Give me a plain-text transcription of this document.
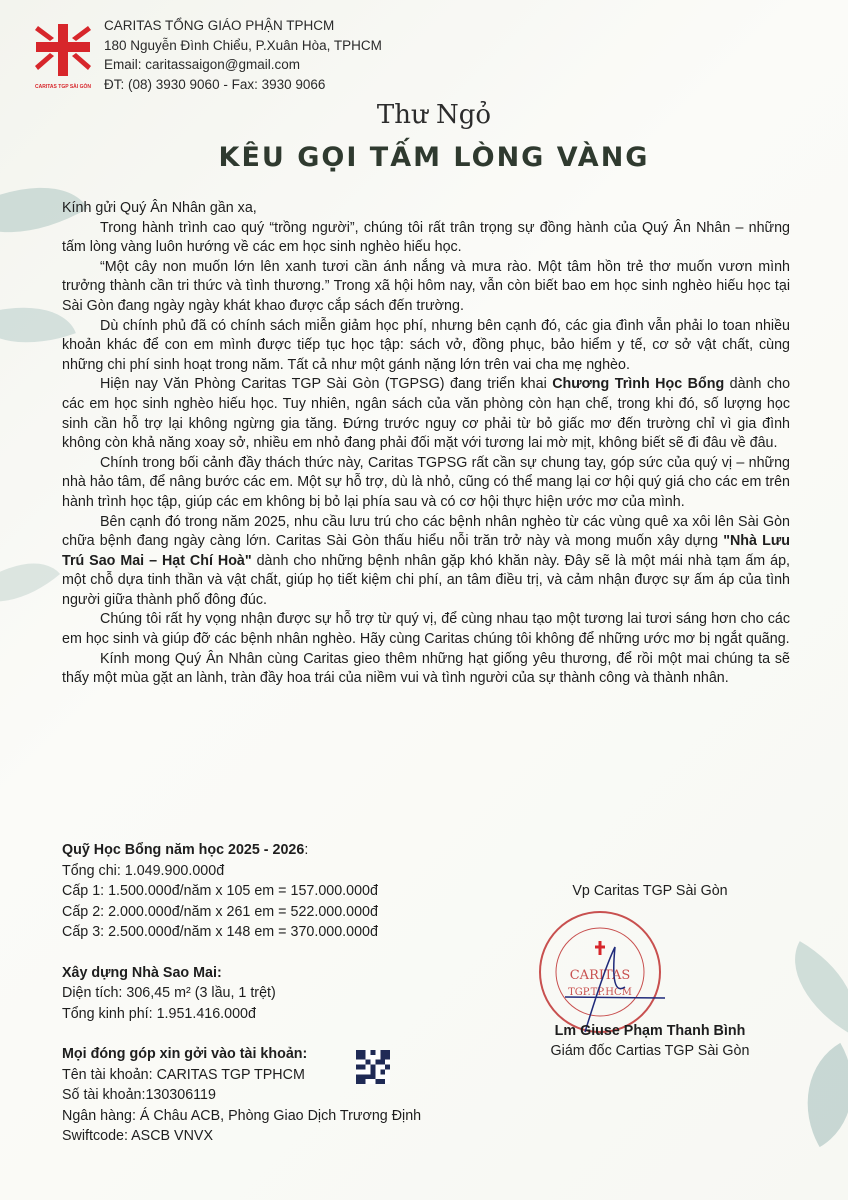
CARITAS TGP SÀI GÒN
CARITAS TỔNG GIÁO PHẬN TPHCM
180 Nguyễn Đình Chiểu, P.Xuân Hòa, TPHCM
Email: caritassaigon@gmail.com
ĐT: (08) 3930 9060 - Fax: 3930 9066
Thư Ngỏ
KÊU GỌI TẤM LÒNG VÀNG

Kính gửi Quý Ân Nhân gần xa,

Trong hành trình cao quý “trồng người”, chúng tôi rất trân trọng sự đồng hành của Quý Ân Nhân – những tấm lòng vàng luôn hướng về các em học sinh nghèo hiếu học.

“Một cây non muốn lớn lên xanh tươi cần ánh nắng và mưa rào. Một tâm hồn trẻ thơ muốn vươn mình trưởng thành cần tri thức và tình thương.” Trong xã hội hôm nay, vẫn còn biết bao em học sinh nghèo hiếu học tại Sài Gòn đang ngày ngày khát khao được cắp sách đến trường.

Dù chính phủ đã có chính sách miễn giảm học phí, nhưng bên cạnh đó, các gia đình vẫn phải lo toan nhiều khoản khác để con em mình được tiếp tục học tập: sách vở, đồng phục, bảo hiểm y tế, cơ sở vật chất, cùng những chi phí sinh hoạt trong năm. Tất cả như một gánh nặng lớn trên vai cha mẹ nghèo.

Hiện nay Văn Phòng Caritas TGP Sài Gòn (TGPSG) đang triển khai Chương Trình Học Bổng dành cho các em học sinh nghèo hiếu học. Tuy nhiên, ngân sách của văn phòng còn hạn chế, trong khi đó, số lượng học sinh cần hỗ trợ lại không ngừng gia tăng. Đứng trước nguy cơ phải từ bỏ giấc mơ đến trường chỉ vì gia đình không còn khả năng xoay sở, nhiều em nhỏ đang phải đối mặt với tương lai mờ mịt, không biết sẽ đi đâu về đâu.

Chính trong bối cảnh đầy thách thức này, Caritas TGPSG rất cần sự chung tay, góp sức của quý vị – những nhà hảo tâm, để nâng bước các em. Một sự hỗ trợ, dù là nhỏ, cũng có thể mang lại cơ hội quý giá cho các em trên hành trình học tập, giúp các em không bị bỏ lại phía sau và có cơ hội thực hiện ước mơ của mình.

Bên cạnh đó trong năm 2025, nhu cầu lưu trú cho các bệnh nhân nghèo từ các vùng quê xa xôi lên Sài Gòn chữa bệnh đang ngày càng lớn. Caritas Sài Gòn thấu hiểu nỗi trăn trở này và mong muốn xây dựng "Nhà Lưu Trú Sao Mai – Hạt Chí Hoà" dành cho những bệnh nhân gặp khó khăn này. Đây sẽ là một mái nhà tạm ấm áp, một chỗ dựa tinh thần và vật chất, giúp họ tiết kiệm chi phí, an tâm điều trị, và cảm nhận được sự ấm áp của tình người giữa thành phố đông đúc.

Chúng tôi rất hy vọng nhận được sự hỗ trợ từ quý vị, để cùng nhau tạo một tương lai tươi sáng hơn cho các em học sinh và giúp đỡ các bệnh nhân nghèo. Hãy cùng Caritas chúng tôi không để những ước mơ bị ngắt quãng.

Kính mong Quý Ân Nhân cùng Caritas gieo thêm những hạt giống yêu thương, để rồi một mai chúng ta sẽ thấy một mùa gặt an lành, tràn đầy hoa trái của niềm vui và tình người của sự thành công và thành nhân.

Quỹ Học Bổng năm học 2025 - 2026:
Tổng chi: 1.049.900.000đ
Cấp 1: 1.500.000đ/năm x 105 em = 157.000.000đ
Cấp 2: 2.000.000đ/năm x 261 em = 522.000.000đ
Cấp 3: 2.500.000đ/năm x 148 em = 370.000.000đ
Xây dựng Nhà Sao Mai:
Diện tích: 306,45 m² (3 lầu, 1 trệt)
Tổng kinh phí: 1.951.416.000đ
Mọi đóng góp xin gởi vào tài khoản:
Tên tài khoản: CARITAS TGP TPHCM
Số tài khoản:130306119
Ngân hàng: Á Châu ACB, Phòng Giao Dịch Trương Định
Swiftcode: ASCB VNVX
CARITAS
TGP.TP.HCM
Vp Caritas TGP Sài Gòn
Lm Giuse Phạm Thanh Bình
Giám đốc Cartias TGP Sài Gòn
